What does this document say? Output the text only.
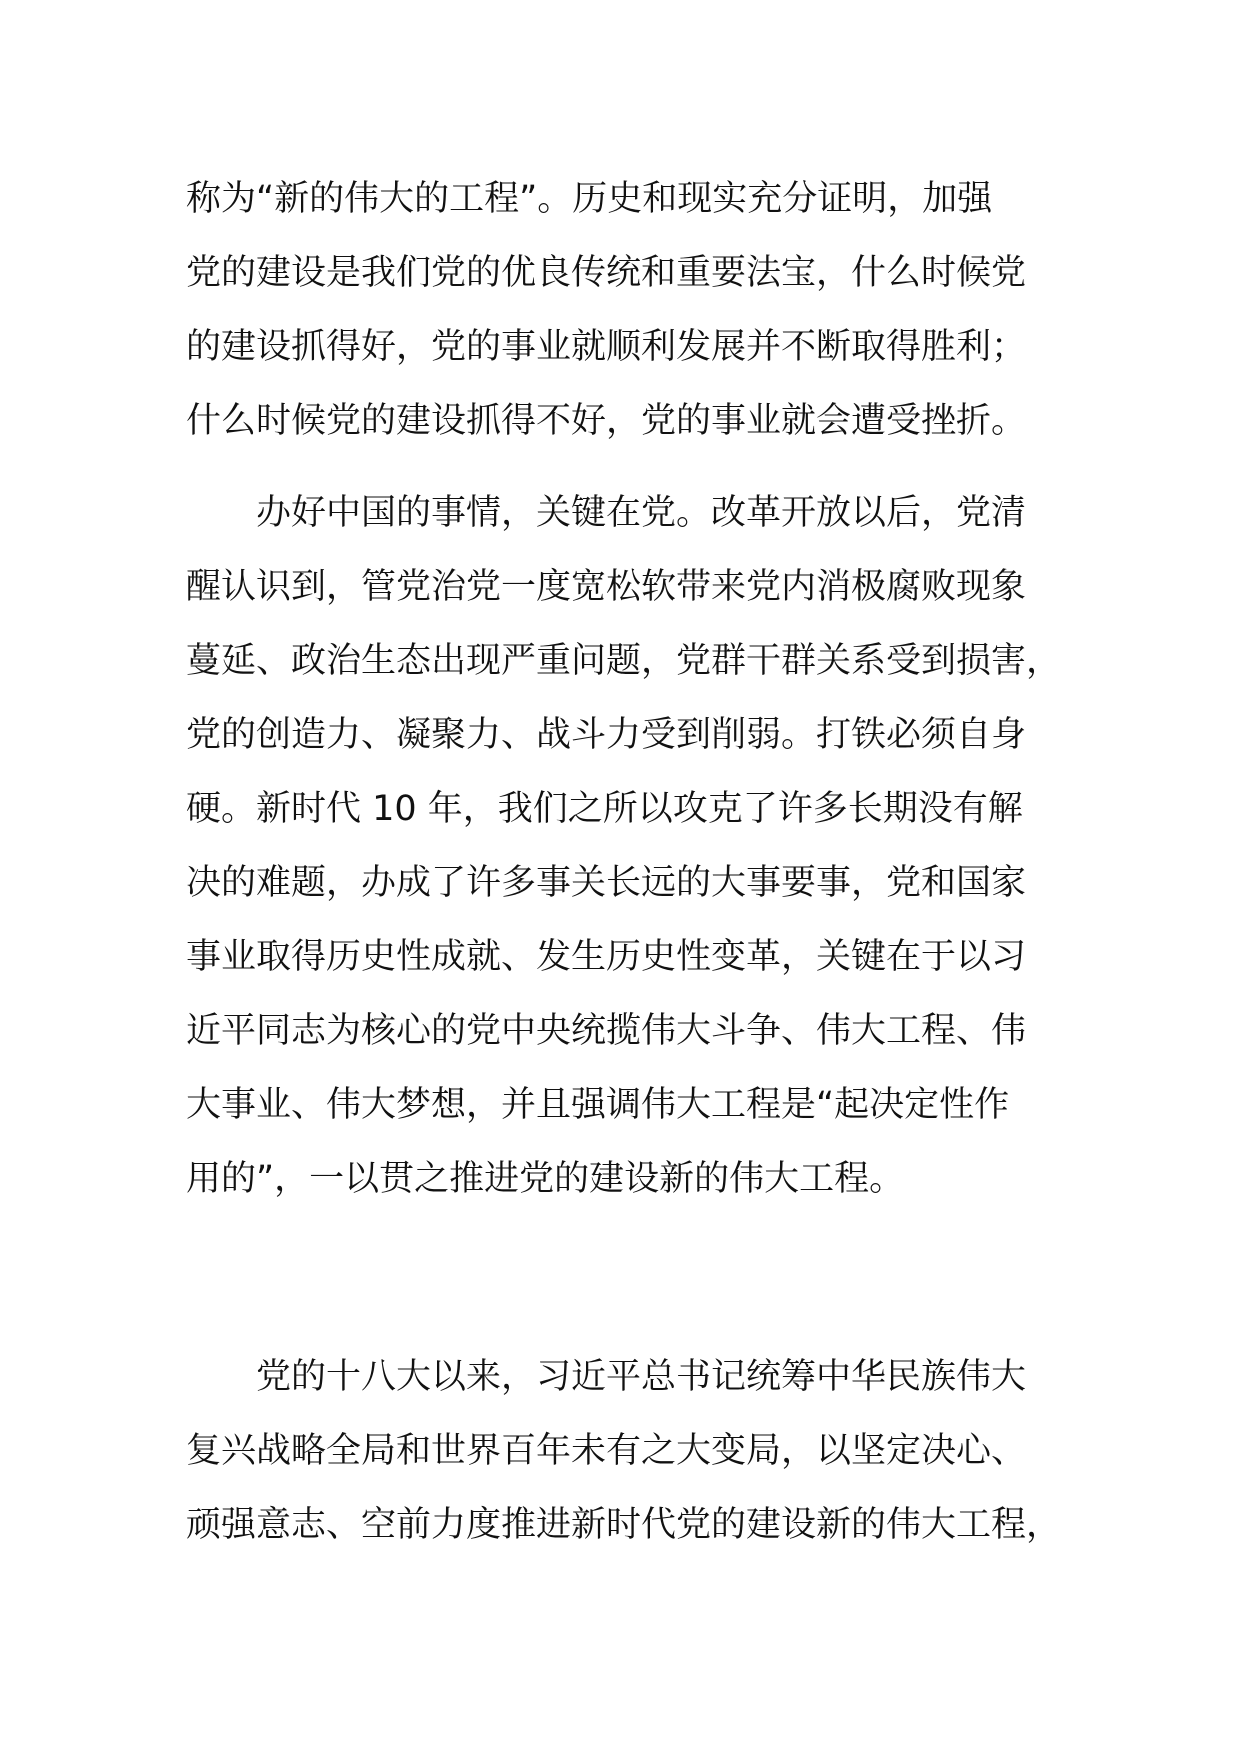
称为“新的伟大的工程”。历史和现实充分证明，加强
党的建设是我们党的优良传统和重要法宝，什么时候党
的建设抓得好，党的事业就顺利发展并不断取得胜利；
什么时候党的建设抓得不好，党的事业就会遭受挫折。
办好中国的事情，关键在党。改革开放以后，党清
醒认识到，管党治党一度宽松软带来党内消极腐败现象
蔓延、政治生态出现严重问题，党群干群关系受到损害，
党的创造力、凝聚力、战斗力受到削弱。打铁必须自身
硬。新时代 10 年，我们之所以攻克了许多长期没有解
决的难题，办成了许多事关长远的大事要事，党和国家
事业取得历史性成就、发生历史性变革，关键在于以习
近平同志为核心的党中央统揽伟大斗争、伟大工程、伟
大事业、伟大梦想，并且强调伟大工程是“起决定性作
用的”，一以贯之推进党的建设新的伟大工程。
党的十八大以来，习近平总书记统筹中华民族伟大
复兴战略全局和世界百年未有之大变局，以坚定决心、
顽强意志、空前力度推进新时代党的建设新的伟大工程，
